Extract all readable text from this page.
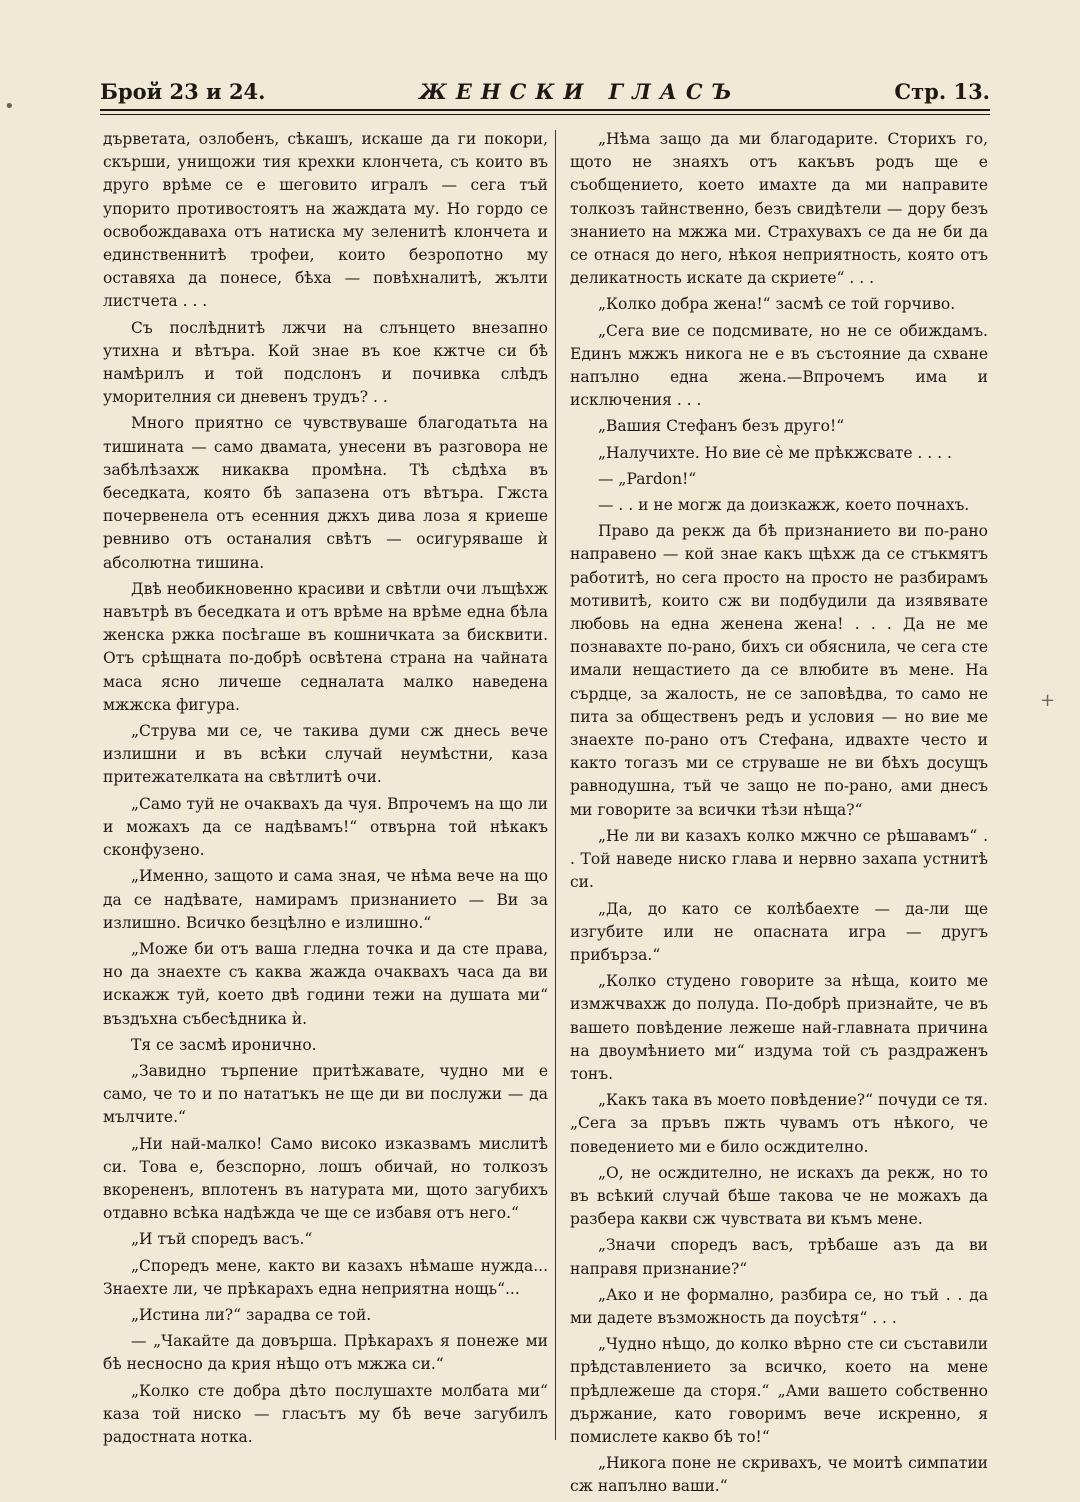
Брой 23 и 24.	ЖЕНСКИ ГЛАСЪ	Стр. 13.
•
+

дърветата, озлобенъ, сѣкашъ, искаше да ги покори, скърши, унищожи тия крехки клончета, съ които въ друго врѣме се е шеговито игралъ — сега тъй упорито противостоятъ на жаждата му. Но гордо се освобождаваха отъ натиска му зеленитѣ клончета и единственнитѣ трофеи, които безропотно му оставяха да понесе, бѣха — повѣхналитѣ, жълти листчета . . .

Съ послѣднитѣ лжчи на слънцето внезапно утихна и вѣтъра. Кой знае въ кое кжтче си бѣ намѣрилъ и той подслонъ и почивка слѣдъ уморителния си дневенъ трудъ? . .

Много приятно се чувствуваше благодатьта на тишината — само двамата, унесени въ разговора не забѣлѣзахж никаква промѣна. Тѣ сѣдѣха въ беседката, която бѣ запазена отъ вѣтъра. Гжста почервенела отъ есенния джхъ дива лоза я криеше ревниво отъ останалия свѣтъ — осигуряваше ѝ абсолютна тишина.

Двѣ необикновенно красиви и свѣтли очи лъщѣхж навътрѣ въ беседката и отъ врѣме на врѣме една бѣла женска ржка посѣгаше въ кошничката за бисквити. Отъ срѣщната по-добрѣ освѣтена страна на чайната маса ясно личеше седналата малко наведена мжжска фигура.

„Струва ми се, че такива думи сж днесь вече излишни и въ всѣки случай неумѣстни, каза притежателката на свѣтлитѣ очи.

„Само туй не очаквахъ да чуя. Впрочемъ на що ли и можахъ да се надѣвамъ!“ отвърна той нѣкакъ сконфузено.

„Именно, защото и сама зная, че нѣма вече на що да се надѣвате, намирамъ признанието — Ви за излишно. Всичко безцѣлно е излишно.“

„Може би отъ ваша гледна точка и да сте права, но да знаехте съ каква жажда очаквахъ часа да ви искажж туй, което двѣ години тежи на душата ми“ въздъхна събесѣдника ѝ.

Тя се засмѣ иронично.

„Завидно търпение притѣжавате, чудно ми е само, че то и по нататъкъ не ще ди ви послужи — да мълчите.“

„Ни най-малко! Само високо изказвамъ мислитѣ си. Това е, безспорно, лошъ обичай, но толкозъ вкорененъ, вплотенъ въ натурата ми, щото загубихъ отдавно всѣка надѣжда че ще се избавя отъ него.“

„И тъй споредъ васъ.“

„Споредъ мене, както ви казахъ нѣмаше нужда... Знаехте ли, че прѣкарахъ една неприятна нощь“...

„Истина ли?“ зарадва се той.

— „Чакайте да довърша. Прѣкарахъ я понеже ми бѣ несносно да крия нѣщо отъ мжжа си.“

„Колко сте добра дѣто послушахте молбата ми“ каза той ниско — гласътъ му бѣ вече загубилъ радостната нотка.

„Нѣма защо да ми благодарите. Сторихъ го, щото не знаяхъ отъ какъвъ родъ ще е съобщението, което имахте да ми направите толкозъ тайнственно, безъ свидѣтели — дору безъ знанието на мжжа ми. Страхувахъ се да не би да се отнася до него, нѣкоя неприятность, която отъ деликатность искате да скриете“ . . .

„Колко добра жена!“ засмѣ се той горчиво.

„Сега вие се подсмивате, но не се обиждамъ. Единъ мжжъ никога не е въ състояние да схване напълно една жена.—Впрочемъ има и исключения . . .

„Вашия Стефанъ безъ друго!“

„Налучихте. Но вие сѐ ме прѣкжсвате . . . .

— „Pardon!“

— . . и не могж да доизкажж, което почнахъ.

Право да рекж да бѣ признанието ви по-рано направено — кой знае какъ щѣхж да се стъкмятъ работитѣ, но сега просто на просто не разбирамъ мотивитѣ, които сж ви подбудили да изявявате любовь на една женена жена! . . . Да не ме познавахте по-рано, бихъ си обяснила, че сега сте имали нещастието да се влюбите въ мене. На сърдце, за жалость, не се заповѣдва, то само не пита за общественъ редъ и условия — но вие ме знаехте по-рано отъ Стефана, идвахте често и както тогазъ ми се струваше не ви бѣхъ досущъ равнодушна, тъй че защо не по-рано, ами днесъ ми говорите за всички тѣзи нѣща?“

„Не ли ви казахъ колко мжчно се рѣшавамъ“ . . Той наведе ниско глава и нервно захапа устнитѣ си.

„Да, до като се колѣбаехте — да-ли ще изгубите или не опасната игра — другъ прибърза.“

„Колко студено говорите за нѣща, които ме измжчвахж до полуда. По-добрѣ признайте, че въ вашето повѣдение лежеше най-главната причина на двоумѣнието ми“ издума той съ раздраженъ тонъ.

„Какъ така въ моето повѣдение?“ почуди се тя. „Сега за пръвъ пжть чувамъ отъ нѣкого, че поведението ми е било осждително.

„О, не осждително, не искахъ да рекж, но то въ всѣкий случай бѣше такова че не можахъ да разбера какви сж чувствата ви къмъ мене.

„Значи споредъ васъ, трѣбаше азъ да ви направя признание?“

„Ако и не формално, разбира се, но тъй . . да ми дадете възможность да поусѣтя“ . . .

„Чудно нѣщо, до колко вѣрно сте си съставили прѣдставлението за всичко, което на мене прѣдлежеше да сторя.“ „Ами вашето собственно държание, като говоримъ вече искренно, я помислете какво бѣ то!“

„Никога поне не скривахъ, че моитѣ симпатии сж напълно ваши.“
